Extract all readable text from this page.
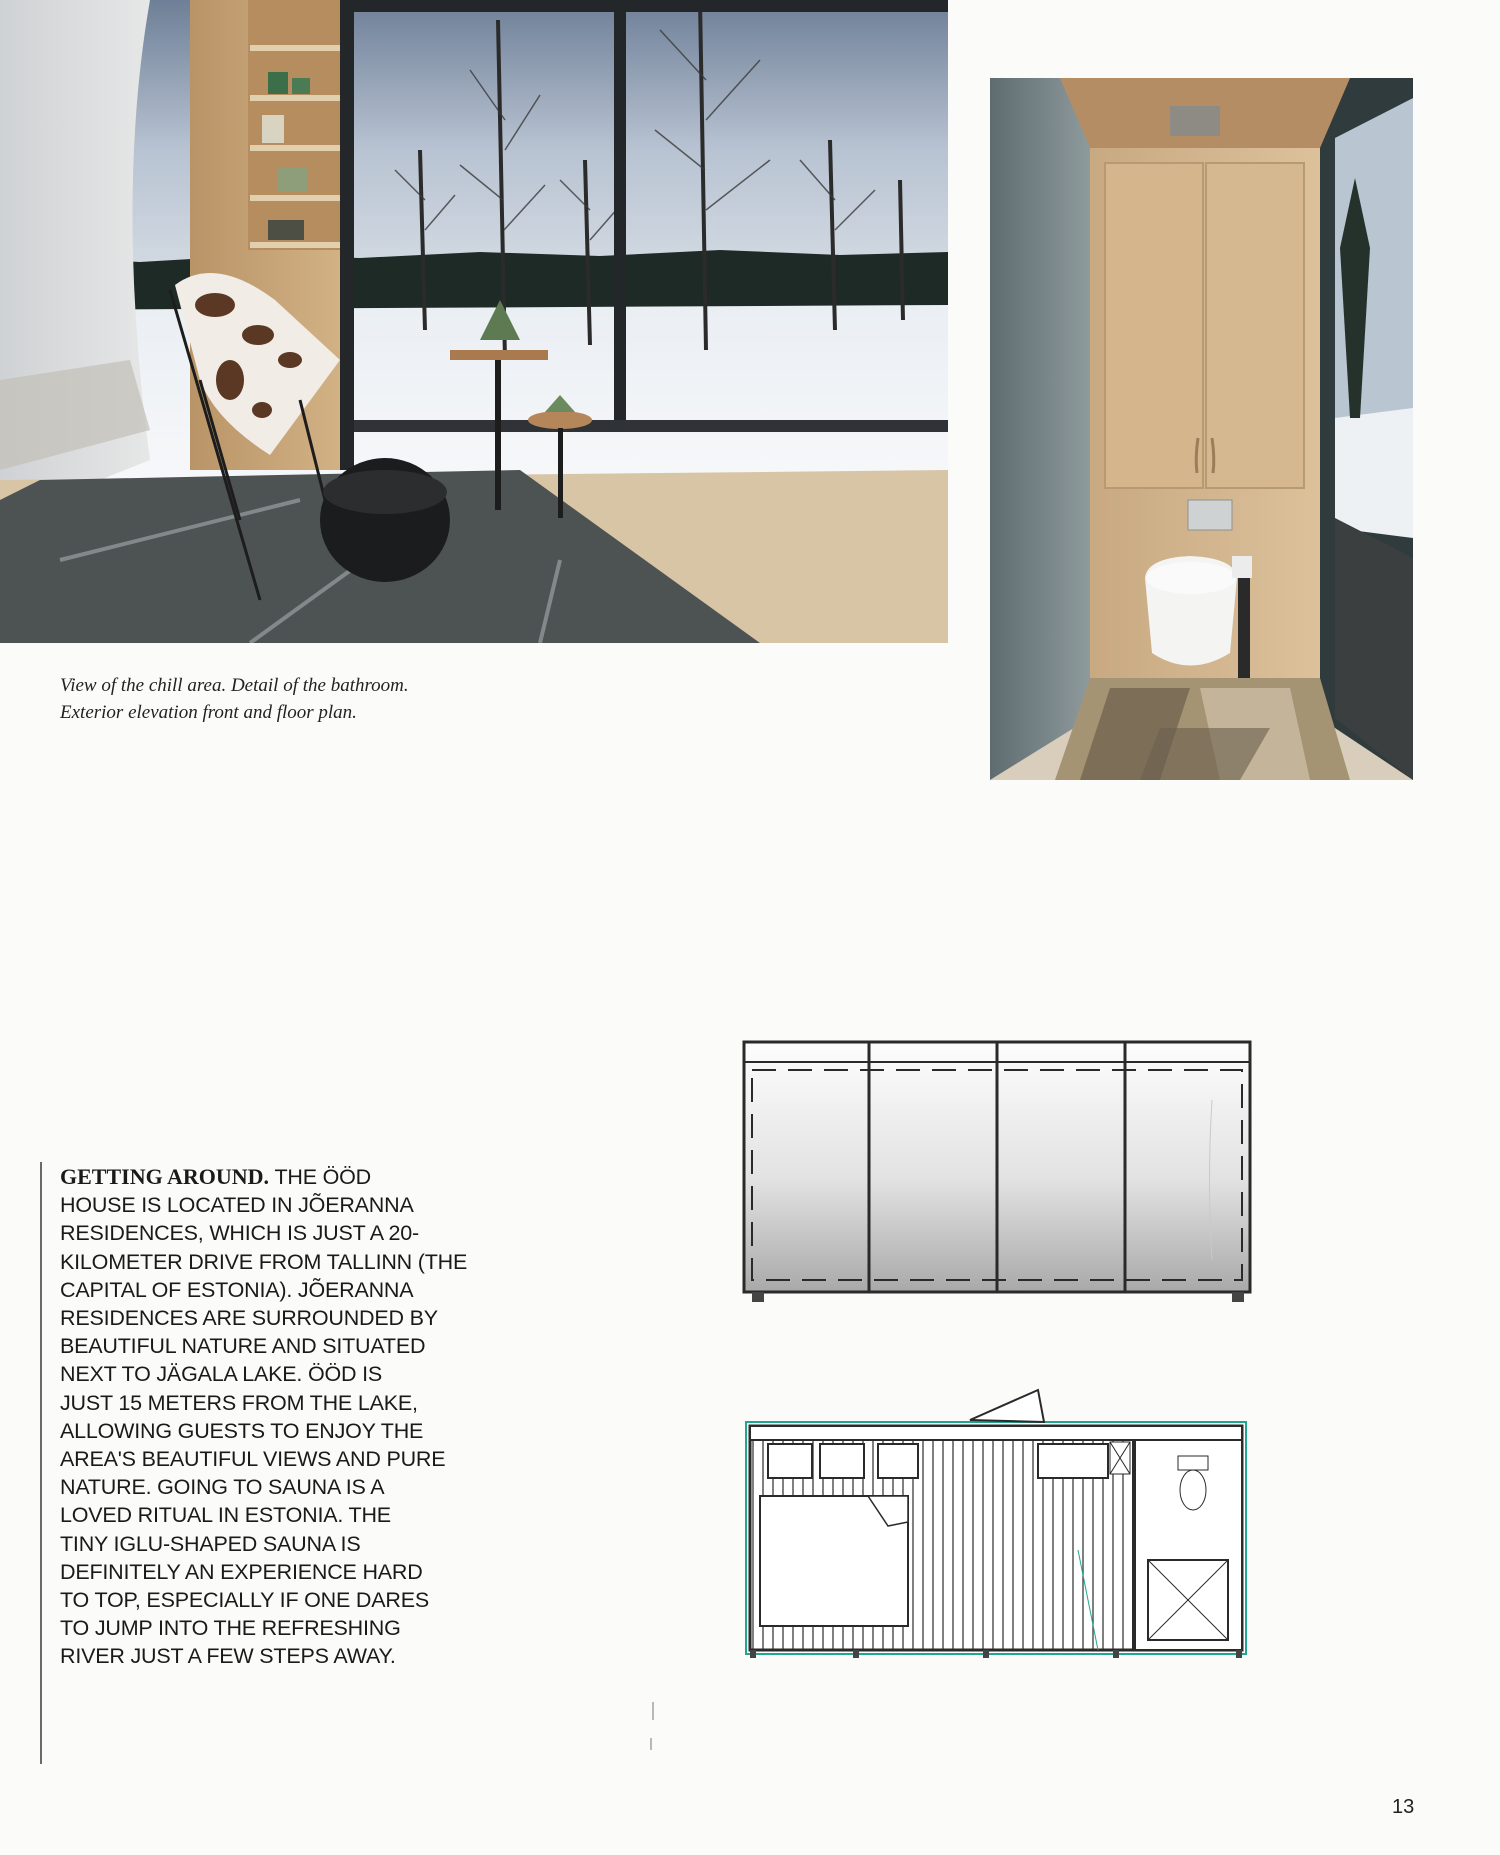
View of the chill area. Detail of the bathroom.
Exterior elevation front and floor plan.
GETTING AROUND. THE ÖÖD
HOUSE IS LOCATED IN JÕERANNA
RESIDENCES, WHICH IS JUST A 20-
KILOMETER DRIVE FROM TALLINN (THE
CAPITAL OF ESTONIA). JÕERANNA
RESIDENCES ARE SURROUNDED BY
BEAUTIFUL NATURE AND SITUATED
NEXT TO JÄGALA LAKE. ÖÖD IS
JUST 15 METERS FROM THE LAKE,
ALLOWING GUESTS TO ENJOY THE
AREA'S BEAUTIFUL VIEWS AND PURE
NATURE. GOING TO SAUNA IS A
LOVED RITUAL IN ESTONIA. THE
TINY IGLU-SHAPED SAUNA IS
DEFINITELY AN EXPERIENCE HARD
TO TOP, ESPECIALLY IF ONE DARES
TO JUMP INTO THE REFRESHING
RIVER JUST A FEW STEPS AWAY.
13
